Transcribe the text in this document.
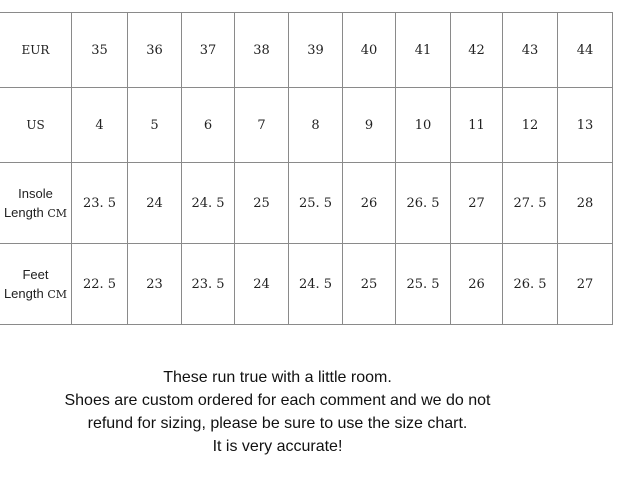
EUR	35	36	37	38	39	40	41	42	43	44
US	4	5	6	7	8	9	10	11	12	13
Insole
Length CM	23. 5	24	24. 5	25	25. 5	26	26. 5	27	27. 5	28
Feet
Length CM	22. 5	23	23. 5	24	24. 5	25	25. 5	26	26. 5	27
These run true with a little room.
Shoes are custom ordered for each comment and we do not
refund for sizing, please be sure to use the size chart.
It is very accurate!
